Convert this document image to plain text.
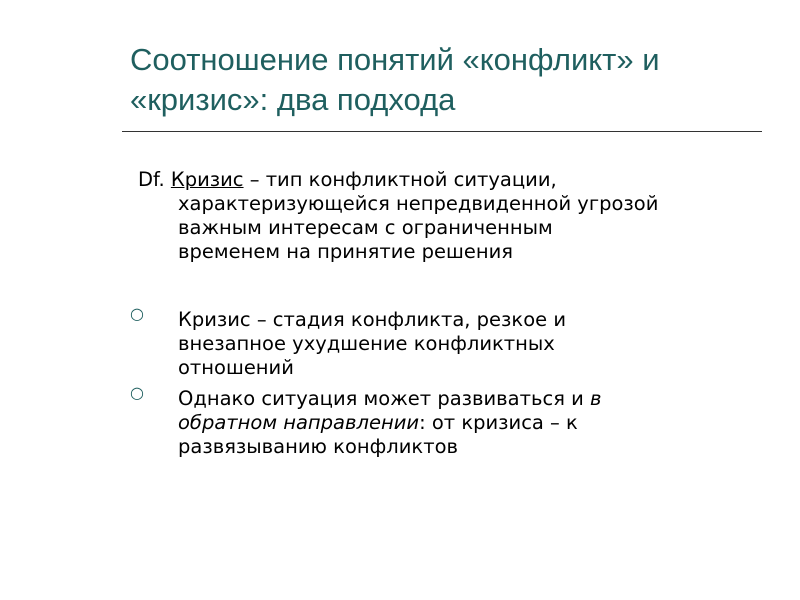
Соотношение понятий «конфликт» и
«кризис»: два подхода
Df. Кризис – тип конфликтной ситуации,
характеризующейся непредвиденной угрозой
важным интересам с ограниченным
временем на принятие решения
○ Кризис – стадия конфликта, резкое и
внезапное ухудшение конфликтных
отношений
○ Однако ситуация может развиваться и в
обратном направлении: от кризиса – к
развязыванию конфликтов
